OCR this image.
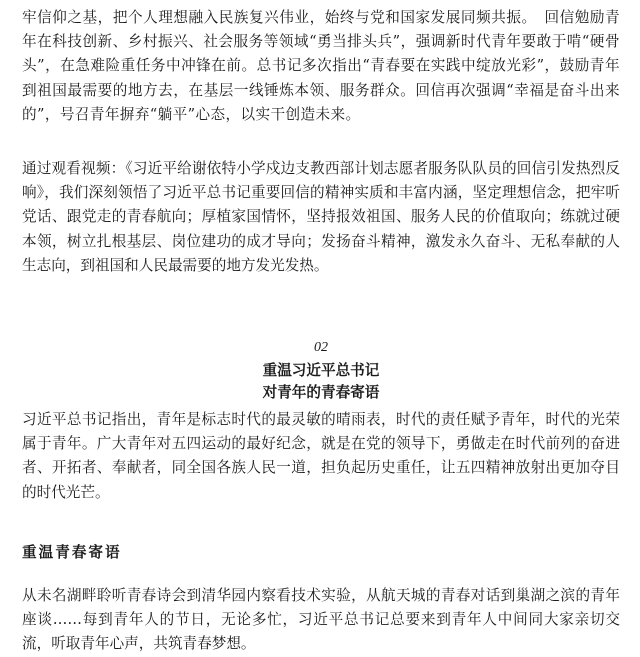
牢信仰之基，把个人理想融入民族复兴伟业，始终与党和国家发展同频共振。　回信勉励青年在科技创新、乡村振兴、社会服务等领域“勇当排头兵”，强调新时代青年要敢于啃“硬骨头”，在急难险重任务中冲锋在前。总书记多次指出“青春要在实践中绽放光彩”，鼓励青年到祖国最需要的地方去，在基层一线锤炼本领、服务群众。回信再次强调“幸福是奋斗出来的”，号召青年摒弃“躺平”心态，以实干创造未来。

通过观看视频：《习近平给谢依特小学戍边支教西部计划志愿者服务队队员的回信引发热烈反响》，我们深刻领悟了习近平总书记重要回信的精神实质和丰富内涵，坚定理想信念，把牢听党话、跟党走的青春航向；厚植家国情怀，坚持报效祖国、服务人民的价值取向；练就过硬本领，树立扎根基层、岗位建功的成才导向；发扬奋斗精神，激发永久奋斗、无私奉献的人生志向，到祖国和人民最需要的地方发光发热。

02
重温习近平总书记
对青年的青春寄语

习近平总书记指出，青年是标志时代的最灵敏的晴雨表，时代的责任赋予青年，时代的光荣属于青年。广大青年对五四运动的最好纪念，就是在党的领导下，勇做走在时代前列的奋进者、开拓者、奉献者，同全国各族人民一道，担负起历史重任，让五四精神放射出更加夺目的时代光芒。

重温青春寄语

从未名湖畔聆听青春诗会到清华园内察看技术实验，从航天城的青春对话到巢湖之滨的青年座谈……每到青年人的节日，无论多忙，习近平总书记总要来到青年人中间同大家亲切交流，听取青年心声，共筑青春梦想。
